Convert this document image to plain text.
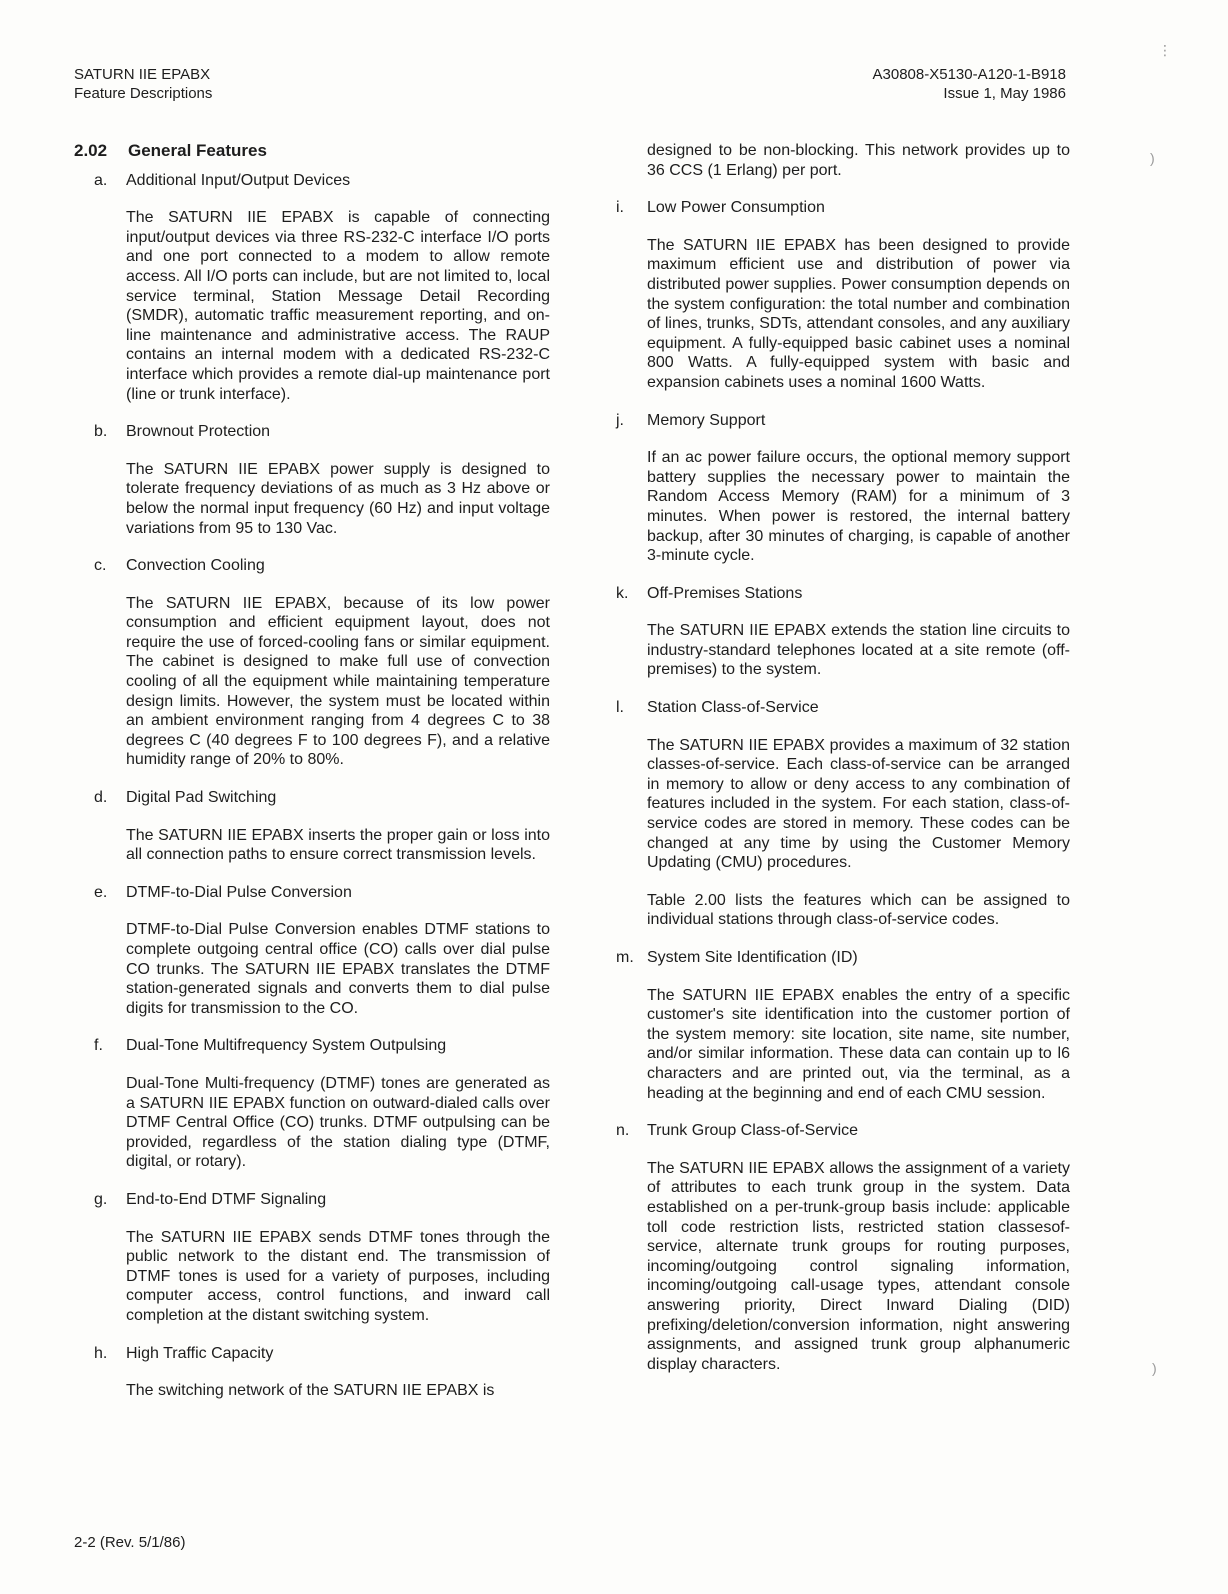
SATURN IIE EPABX
Feature Descriptions
A30808-X5130-A120-1-B918
Issue 1, May 1986
2.02 General Features
a. Additional Input/Output Devices

The SATURN IIE EPABX is capable of connecting input/output devices via three RS-232-C interface I/O ports and one port connected to a modem to allow remote access. All I/O ports can include, but are not limited to, local service terminal, Station Message Detail Recording (SMDR), automatic traffic measurement reporting, and on-line maintenance and administrative access. The RAUP contains an internal modem with a dedicated RS-232-C interface which provides a remote dial-up maintenance port (line or trunk interface).

b. Brownout Protection

The SATURN IIE EPABX power supply is designed to tolerate frequency deviations of as much as 3 Hz above or below the normal input frequency (60 Hz) and input voltage variations from 95 to 130 Vac.

c. Convection Cooling

The SATURN IIE EPABX, because of its low power consumption and efficient equipment layout, does not require the use of forced-cooling fans or similar equipment. The cabinet is designed to make full use of convection cooling of all the equipment while maintaining temperature design limits. However, the system must be located within an ambient environment ranging from 4 degrees C to 38 degrees C (40 degrees F to 100 degrees F), and a relative humidity range of 20% to 80%.

d. Digital Pad Switching

The SATURN IIE EPABX inserts the proper gain or loss into all connection paths to ensure correct transmission levels.

e. DTMF-to-Dial Pulse Conversion

DTMF-to-Dial Pulse Conversion enables DTMF stations to complete outgoing central office (CO) calls over dial pulse CO trunks. The SATURN IIE EPABX translates the DTMF station-generated signals and converts them to dial pulse digits for transmission to the CO.

f. Dual-Tone Multifrequency System Outpulsing

Dual-Tone Multi-frequency (DTMF) tones are generated as a SATURN IIE EPABX function on outward-dialed calls over DTMF Central Office (CO) trunks. DTMF outpulsing can be provided, regardless of the station dialing type (DTMF, digital, or rotary).

g. End-to-End DTMF Signaling

The SATURN IIE EPABX sends DTMF tones through the public network to the distant end. The transmission of DTMF tones is used for a variety of purposes, including computer access, control functions, and inward call completion at the distant switching system.

h. High Traffic Capacity

The switching network of the SATURN IIE EPABX is

designed to be non-blocking. This network provides up to 36 CCS (1 Erlang) per port.

i. Low Power Consumption

The SATURN IIE EPABX has been designed to provide maximum efficient use and distribution of power via distributed power supplies. Power consumption depends on the system configuration: the total number and combination of lines, trunks, SDTs, attendant consoles, and any auxiliary equipment. A fully-equipped basic cabinet uses a nominal 800 Watts. A fully-equipped system with basic and expansion cabinets uses a nominal 1600 Watts.

j. Memory Support

If an ac power failure occurs, the optional memory support battery supplies the necessary power to maintain the Random Access Memory (RAM) for a minimum of 3 minutes. When power is restored, the internal battery backup, after 30 minutes of charging, is capable of another 3-minute cycle.

k. Off-Premises Stations

The SATURN IIE EPABX extends the station line circuits to industry-standard telephones located at a site remote (off-premises) to the system.

l. Station Class-of-Service

The SATURN IIE EPABX provides a maximum of 32 station classes-of-service. Each class-of-service can be arranged in memory to allow or deny access to any combination of features included in the system. For each station, class-of-service codes are stored in memory. These codes can be changed at any time by using the Customer Memory Updating (CMU) procedures.

Table 2.00 lists the features which can be assigned to individual stations through class-of-service codes.

m. System Site Identification (ID)

The SATURN IIE EPABX enables the entry of a specific customer's site identification into the customer portion of the system memory: site location, site name, site number, and/or similar information. These data can contain up to l6 characters and are printed out, via the terminal, as a heading at the beginning and end of each CMU session.

n. Trunk Group Class-of-Service

The SATURN IIE EPABX allows the assignment of a variety of attributes to each trunk group in the system. Data established on a per-trunk-group basis include: applicable toll code restriction lists, restricted station classesof-service, alternate trunk groups for routing purposes, incoming/outgoing control signaling information, incoming/outgoing call-usage types, attendant console answering priority, Direct Inward Dialing (DID) prefixing/deletion/conversion information, night answering assignments, and assigned trunk group alphanumeric display characters.

2-2 (Rev. 5/1/86)
⋮
)
)
